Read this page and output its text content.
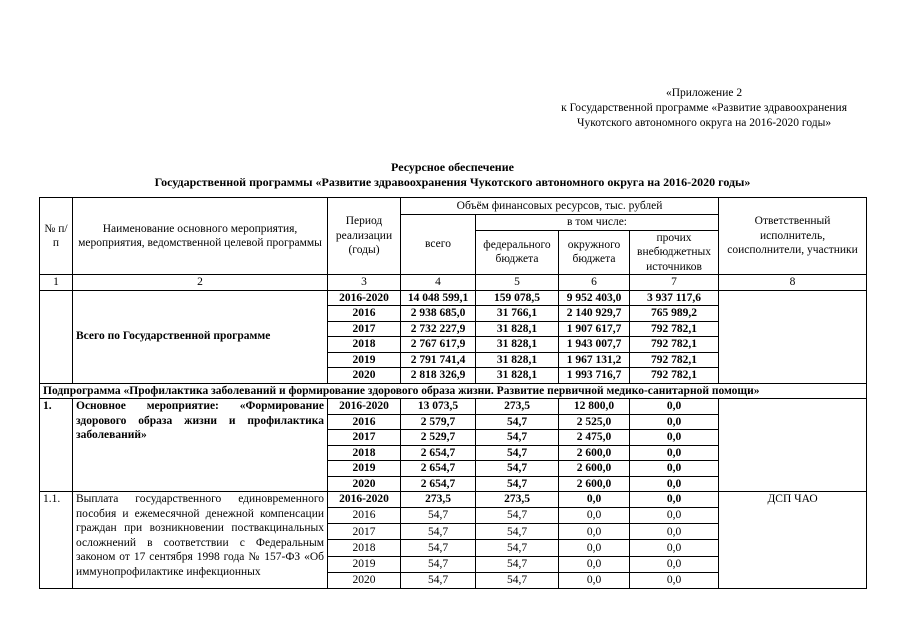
«Приложение 2
к Государственной программе «Развитие здравоохранения
Чукотского автономного округа на 2016-2020 годы»
Ресурсное обеспечение
Государственной программы «Развитие здравоохранения Чукотского автономного округа на 2016-2020 годы»
№ п/п	Наименование основного мероприятия, мероприятия, ведомственной целевой программы	Период реализации (годы)	Объём финансовых ресурсов, тыс. рублей				Ответственный исполнитель, соисполнители, участники
			всего	в том числе:			
				федерального бюджета	окружного бюджета	прочих внебюджетных источников	
1	2	3	4	5	6	7	8
	Всего по Государственной программе	2016-2020	14 048 599,1	159 078,5	9 952 403,0	3 937 117,6	
		2016	2 938 685,0	31 766,1	2 140 929,7	765 989,2	
		2017	2 732 227,9	31 828,1	1 907 617,7	792 782,1	
		2018	2 767 617,9	31 828,1	1 943 007,7	792 782,1	
		2019	2 791 741,4	31 828,1	1 967 131,2	792 782,1	
		2020	2 818 326,9	31 828,1	1 993 716,7	792 782,1	
Подпрограмма «Профилактика заболеваний и формирование здорового образа жизни. Развитие первичной медико-санитарной помощи»							
1.	Основное мероприятие: «Формирование здорового образа жизни и профилактика заболеваний»	2016-2020	13 073,5	273,5	12 800,0	0,0	
		2016	2 579,7	54,7	2 525,0	0,0	
		2017	2 529,7	54,7	2 475,0	0,0	
		2018	2 654,7	54,7	2 600,0	0,0	
		2019	2 654,7	54,7	2 600,0	0,0	
		2020	2 654,7	54,7	2 600,0	0,0	
1.1.	Выплата государственного единовременного пособия и ежемесячной денежной компенсации граждан при возникновении поствакцинальных осложнений в соответствии с Федеральным законом от 17 сентября 1998 года № 157-ФЗ «Об иммунопрофилактике инфекционных	2016-2020	273,5	273,5	0,0	0,0	ДСП ЧАО
		2016	54,7	54,7	0,0	0,0	
		2017	54,7	54,7	0,0	0,0	
		2018	54,7	54,7	0,0	0,0	
		2019	54,7	54,7	0,0	0,0	
		2020	54,7	54,7	0,0	0,0	
